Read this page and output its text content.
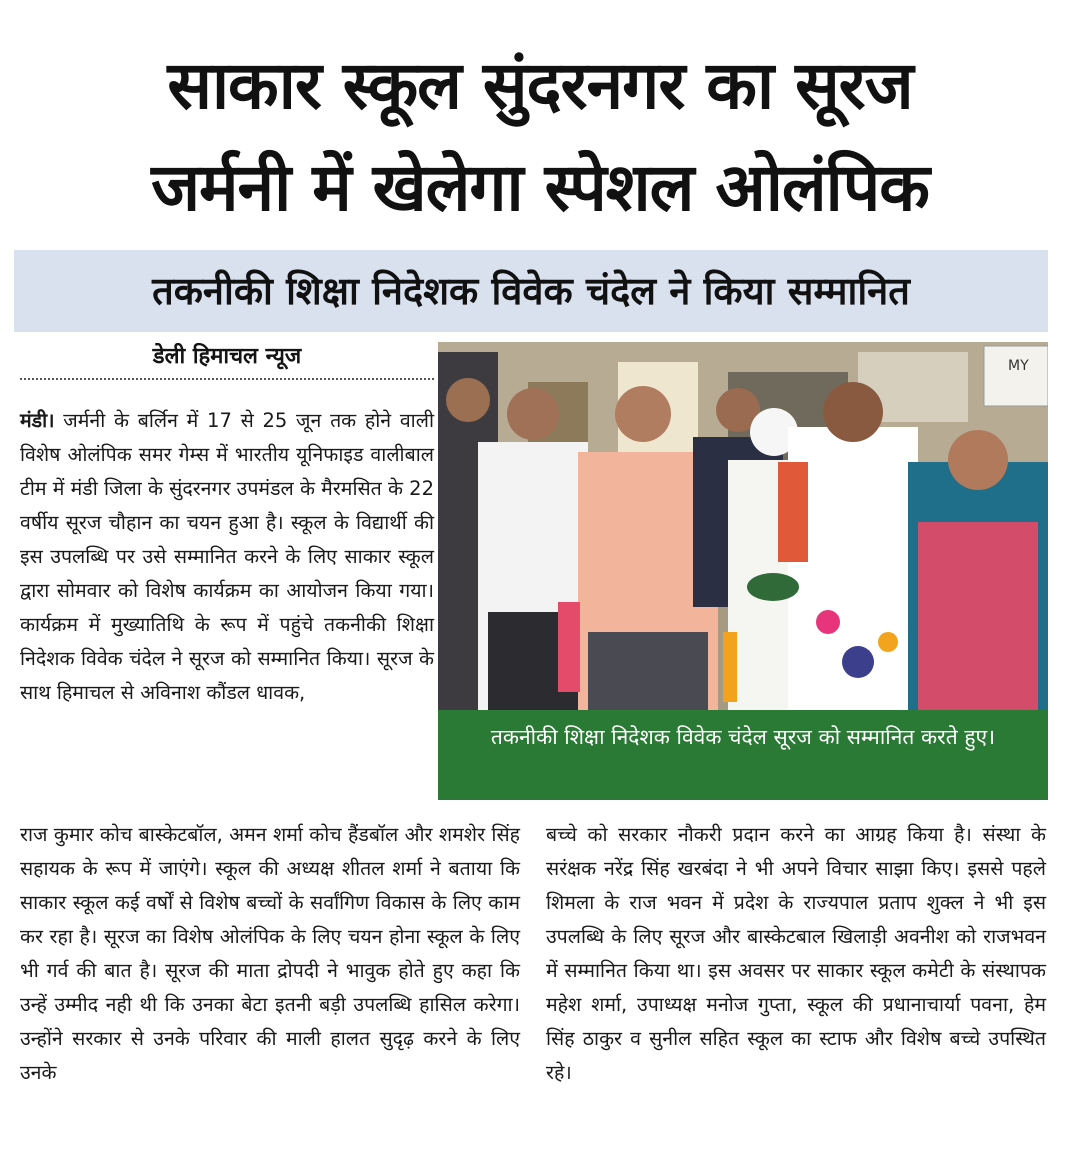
साकार स्कूल सुंदरनगर का सूरज
जर्मनी में खेलेगा स्पेशल ओलंपिक
तकनीकी शिक्षा निदेशक विवेक चंदेल ने किया सम्मानित
डेली हिमाचल न्यूज
मंडी। जर्मनी के बर्लिन में 17 से 25 जून तक होने वाली विशेष ओलंपिक समर गेम्स में भारतीय यूनिफाइड वालीबाल टीम में मंडी जिला के सुंदरनगर उपमंडल के मैरमसित के 22 वर्षीय सूरज चौहान का चयन हुआ है। स्कूल के विद्यार्थी की इस उपलब्धि पर उसे सम्मानित करने के लिए साकार स्कूल द्वारा सोमवार को विशेष कार्यक्रम का आयोजन किया गया। कार्यक्रम में मुख्यातिथि के रूप में पहुंचे तकनीकी शिक्षा निदेशक विवेक चंदेल ने सूरज को सम्मानित किया। सूरज के साथ हिमाचल से अविनाश कौंडल धावक,
MY
तकनीकी शिक्षा निदेशक विवेक चंदेल सूरज को सम्मानित करते हुए।
राज कुमार कोच बास्केटबॉल, अमन शर्मा कोच हैंडबॉल और शमशेर सिंह सहायक के रूप में जाएंगे। स्कूल की अध्यक्ष शीतल शर्मा ने बताया कि साकार स्कूल कई वर्षों से विशेष बच्चों के सर्वांगिण विकास के लिए काम कर रहा है। सूरज का विशेष ओलंपिक के लिए चयन होना स्कूल के लिए भी गर्व की बात है। सूरज की माता द्रोपदी ने भावुक होते हुए कहा कि उन्हें उम्मीद नही थी कि उनका बेटा इतनी बड़ी उपलब्धि हासिल करेगा। उन्होंने सरकार से उनके परिवार की माली हालत सुदृढ़ करने के लिए उनके
बच्चे को सरकार नौकरी प्रदान करने का आग्रह किया है। संस्था के सरंक्षक नरेंद्र सिंह खरबंदा ने भी अपने विचार साझा किए। इससे पहले शिमला के राज भवन में प्रदेश के राज्यपाल प्रताप शुक्ल ने भी इस उपलब्धि के लिए सूरज और बास्केटबाल खिलाड़ी अवनीश को राजभवन में सम्मानित किया था। इस अवसर पर साकार स्कूल कमेटी के संस्थापक महेश शर्मा, उपाध्यक्ष मनोज गुप्ता, स्कूल की प्रधानाचार्या पवना, हेम सिंह ठाकुर व सुनील सहित स्कूल का स्टाफ और विशेष बच्चे उपस्थित रहे।
